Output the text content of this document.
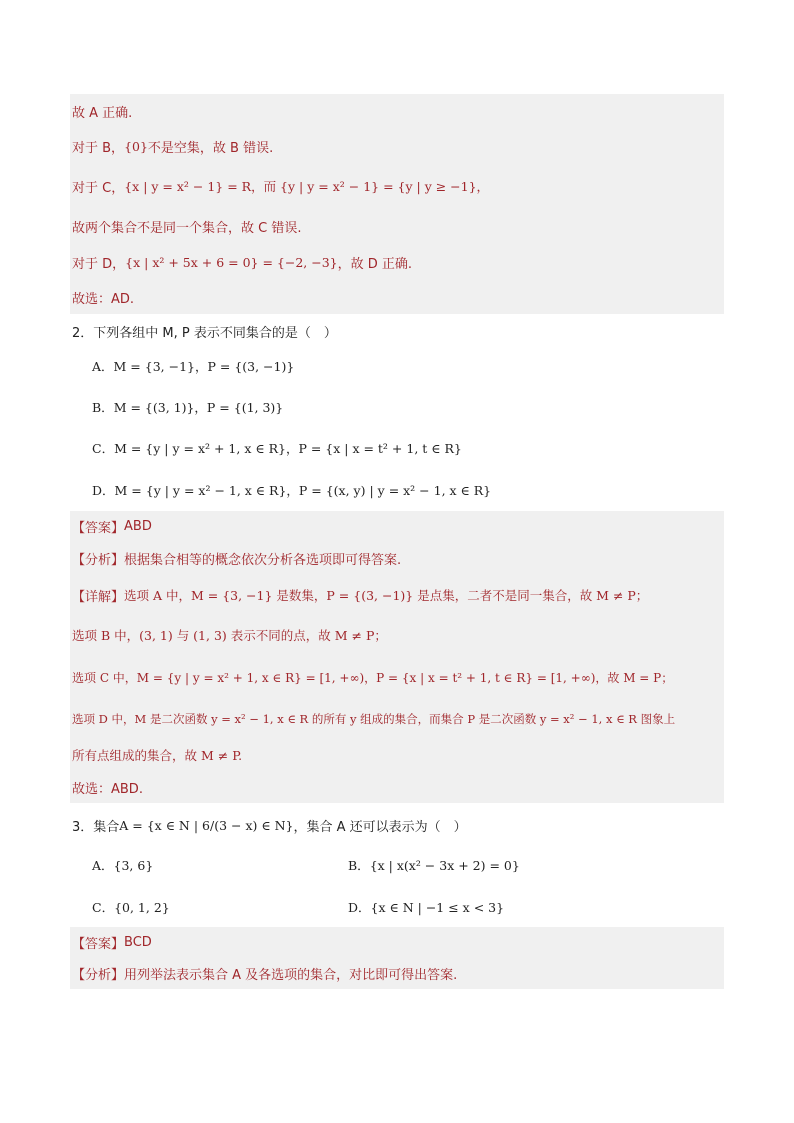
故 A 正确.
对于 B， {0} 不是空集，故 B 错误.
对于 C， {x | y = x² − 1} = R，而 {y | y = x² − 1} = {y | y ≥ −1}，
故两个集合不是同一个集合，故 C 错误.
对于 D， {x | x² + 5x + 6 = 0} = {−2, −3} ，故 D 正确.
故选：AD.
2．下列各组中 M, P 表示不同集合的是（　）
A． M = {3, −1}，P = {(3, −1)}
B． M = {(3, 1)}，P = {(1, 3)}
C． M = {y | y = x² + 1, x ∈ R}，P = {x | x = t² + 1, t ∈ R}
D． M = {y | y = x² − 1, x ∈ R}，P = {(x, y) | y = x² − 1, x ∈ R}
【答案】 ABD
【分析】 根据集合相等的概念依次分析各选项即可得答案.
【详解】 选项 A 中，M = {3, −1} 是数集，P = {(3, −1)} 是点集，二者不是同一集合，故 M ≠ P；
选项 B 中，(3, 1) 与 (1, 3) 表示不同的点，故 M ≠ P；
选项 C 中，M = {y | y = x² + 1, x ∈ R} = [1, +∞)，P = {x | x = t² + 1, t ∈ R} = [1, +∞)，故 M = P；
选项 D 中，M 是二次函数 y = x² − 1, x ∈ R 的所有 y 组成的集合，而集合 P 是二次函数 y = x² − 1, x ∈ R 图象上
所有点组成的集合，故 M ≠ P.
故选：ABD.
3．集合 A = {x ∈ N | 6/(3 − x) ∈ N} ，集合 A 还可以表示为（　）
A． {3, 6}	B． {x | x(x² − 3x + 2) = 0}
C． {0, 1, 2}	D． {x ∈ N | −1 ≤ x < 3}
【答案】 BCD
【分析】 用列举法表示集合 A 及各选项的集合，对比即可得出答案.
